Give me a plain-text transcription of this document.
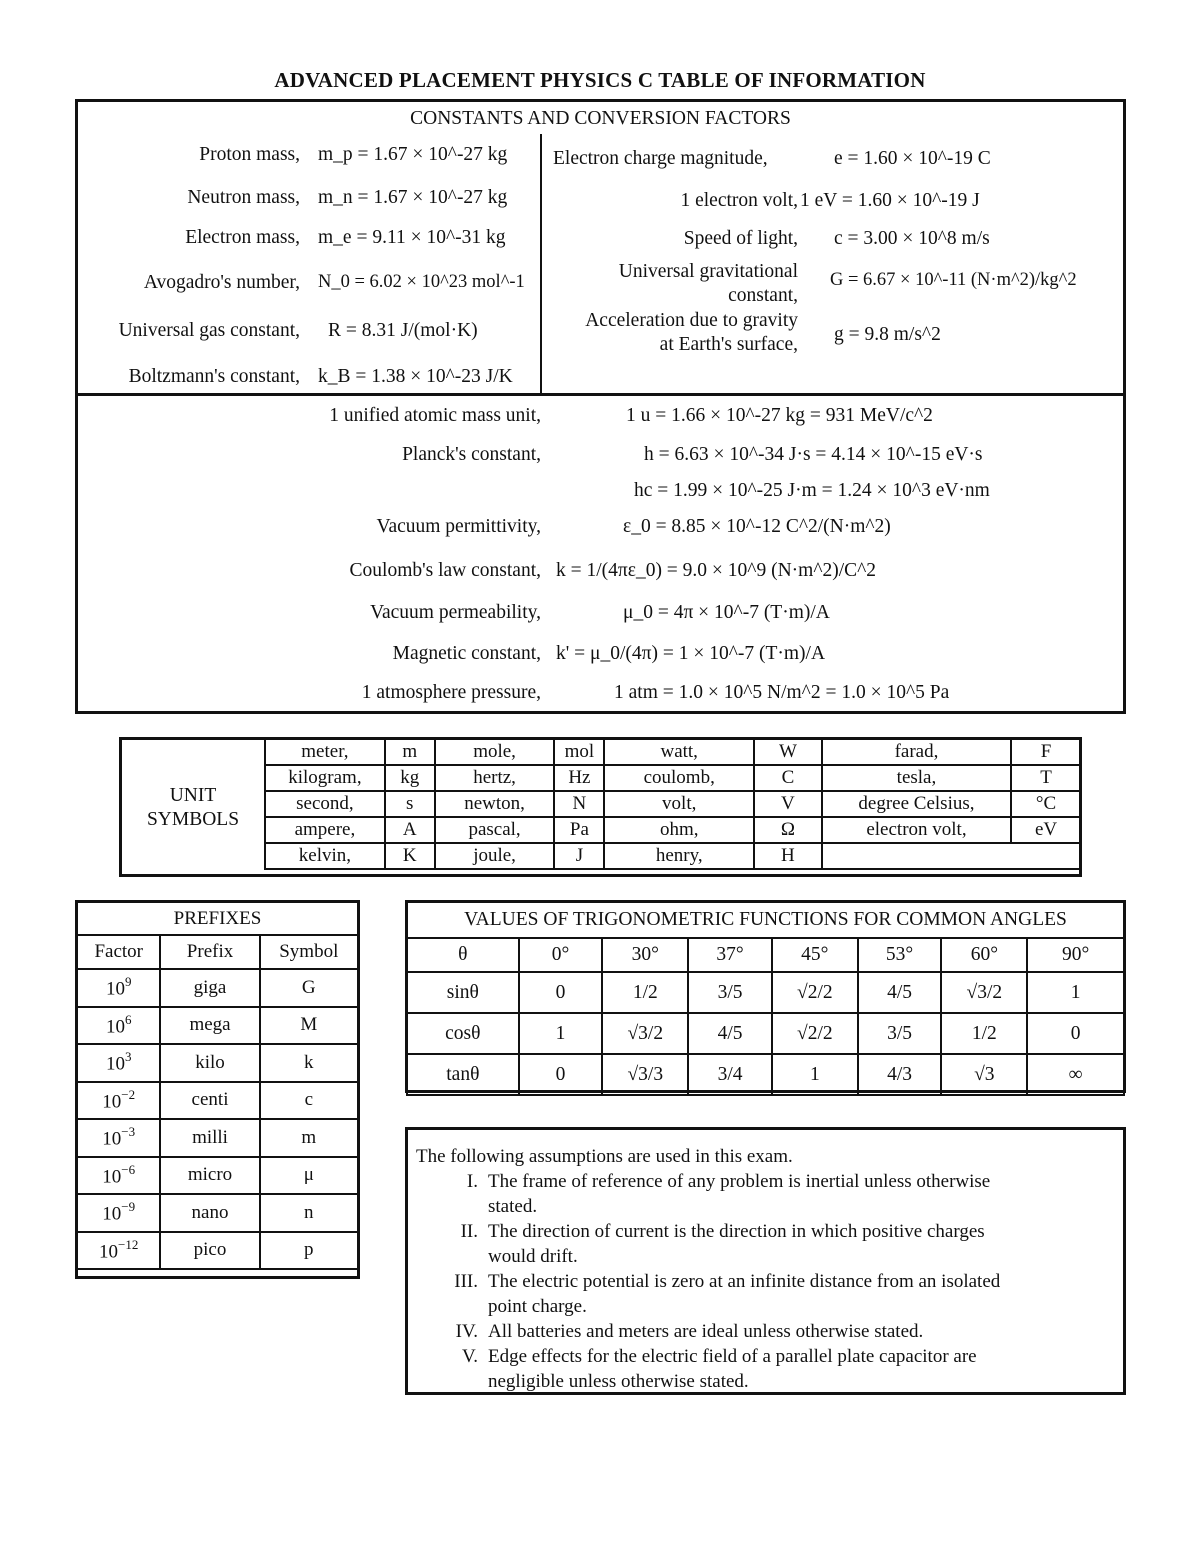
ADVANCED PLACEMENT PHYSICS C TABLE OF INFORMATION
CONSTANTS AND CONVERSION FACTORS
Proton mass, m_p = 1.67 × 10^-27 kg
Neutron mass, m_n = 1.67 × 10^-27 kg
Electron mass, m_e = 9.11 × 10^-31 kg
Avogadro's number, N_0 = 6.02 × 10^23 mol^-1
Universal gas constant, R = 8.31 J/(mol·K)
Boltzmann's constant, k_B = 1.38 × 10^-23 J/K
Electron charge magnitude,	e = 1.60 × 10^-19 C
1 electron volt, 1 eV = 1.60 × 10^-19 J
Speed of light, c = 3.00 × 10^8 m/s
Universal gravitational constant,
G = 6.67 × 10^-11 (N·m^2)/kg^2
Acceleration due to gravity at Earth's surface, g = 9.8 m/s^2
1 unified atomic mass unit,	1 u = 1.66 × 10^-27 kg = 931 MeV/c^2
Planck's constant,	h = 6.63 × 10^-34 J·s = 4.14 × 10^-15 eV·s
hc = 1.99 × 10^-25 J·m = 1.24 × 10^3 eV·nm
Vacuum permittivity,	ε_0 = 8.85 × 10^-12 C^2/(N·m^2)
Coulomb's law constant, k = 1/(4πε_0) = 9.0 × 10^9 (N·m^2)/C^2
Vacuum permeability,	μ_0 = 4π × 10^-7 (T·m)/A
Magnetic constant, k' = μ_0/(4π) = 1 × 10^-7 (T·m)/A
1 atmosphere pressure,	1 atm = 1.0 × 10^5 N/m^2 = 1.0 × 10^5 Pa
UNIT
SYMBOLS
meter,	m	mole,	mol	watt,	W	farad,	F
kilogram,	kg	hertz,	Hz	coulomb,	C	tesla,	T
second,	s	newton,	N	volt,	V	degree Celsius,	°C
ampere,	A	pascal,	Pa	ohm,	Ω	electron volt,	eV
kelvin,	K	joule,	J	henry,	H		
PREFIXES		
Factor	Prefix	Symbol
$10^9$	giga	G
$10^6$	mega	M
$10^3$	kilo	k
$10^{-2}$	centi	c
$10^{-3}$	milli	m
$10^{-6}$	micro	μ
$10^{-9}$	nano	n
$10^{-12}$	pico	p
VALUES OF TRIGONOMETRIC FUNCTIONS FOR COMMON ANGLES
θ	0°	30°	37°	45°	53°	60°	90°
sinθ	0	1/2	3/5	√2/2	4/5	√3/2	1
cosθ	1	√3/2	4/5	√2/2	3/5	1/2	0
tanθ	0	√3/3	3/4	1	4/3	√3	∞
The following assumptions are used in this exam.
I. The frame of reference of any problem is inertial unless otherwise
stated.
II. The direction of current is the direction in which positive charges
would drift.
III. The electric potential is zero at an infinite distance from an isolated
point charge.
IV. All batteries and meters are ideal unless otherwise stated.
V. Edge effects for the electric field of a parallel plate capacitor are
negligible unless otherwise stated.
